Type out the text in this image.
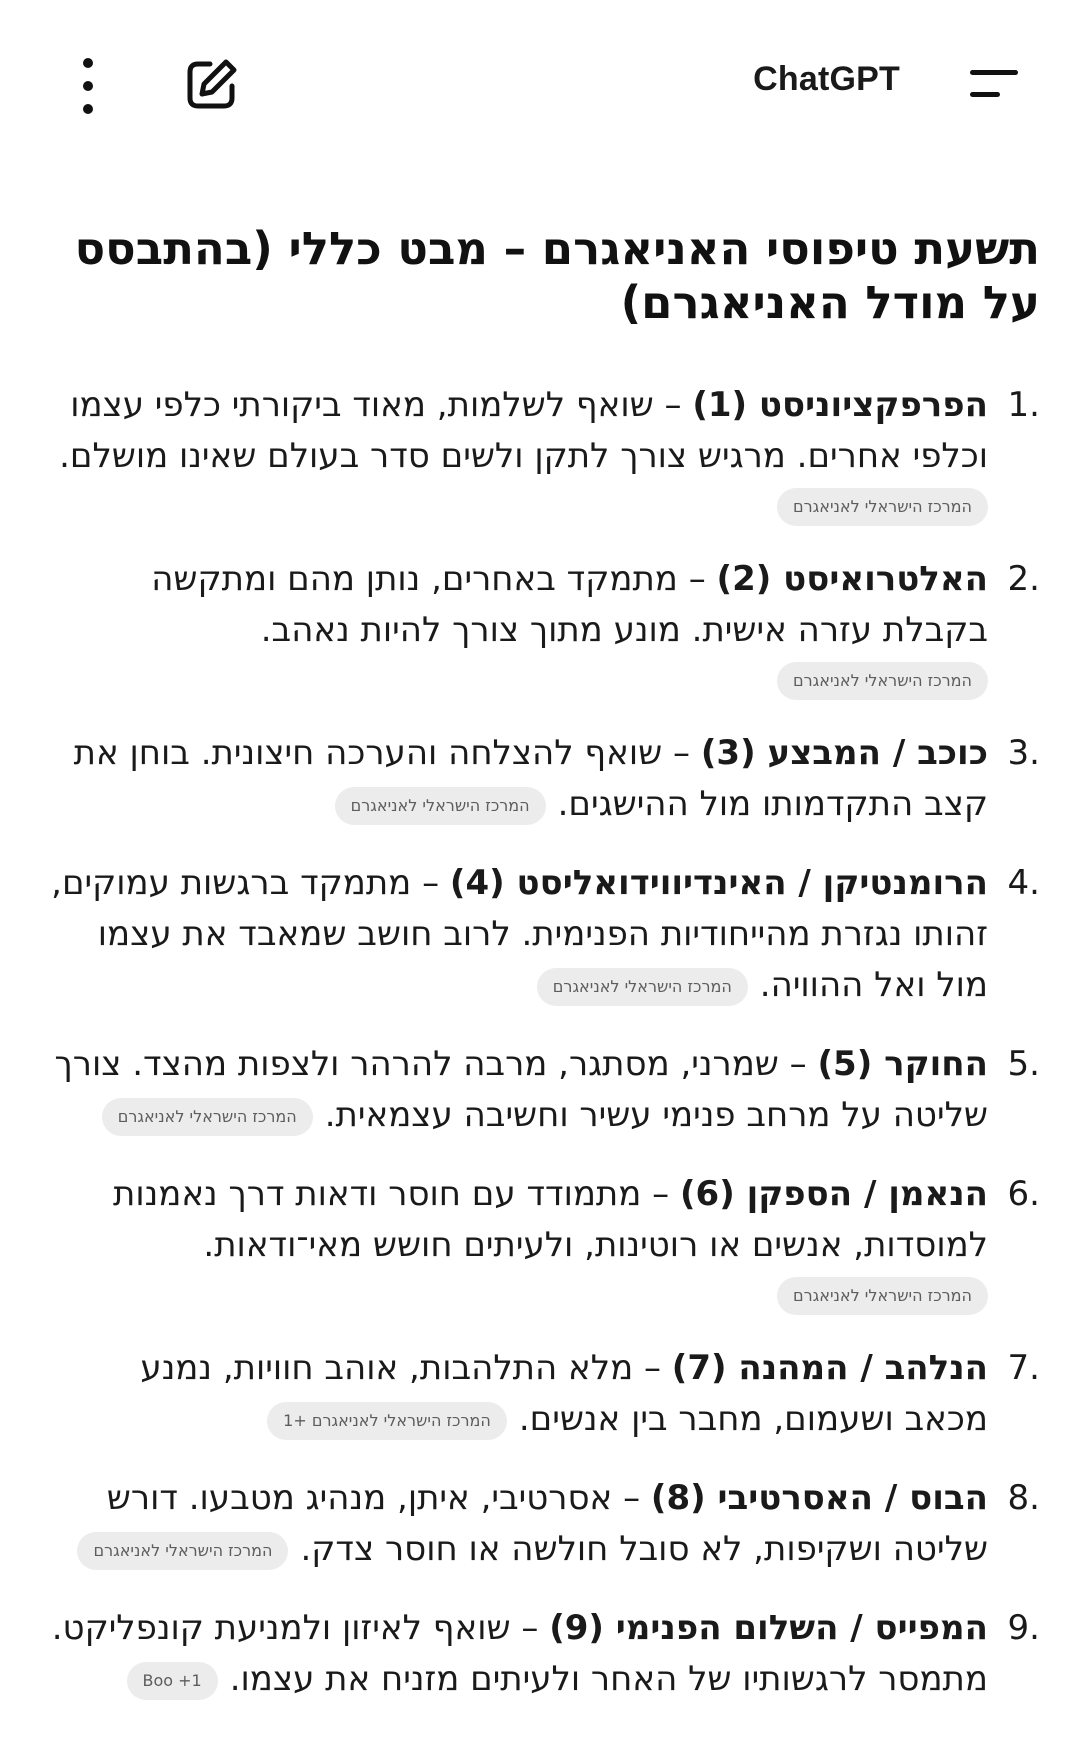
ChatGPT
תשעת טיפוסי האניאגרם – מבט כללי (בהתבסס על מודל האניאגרם)
1.
הפרפקציוניסט (1) – שואף לשלמות, מאוד ביקורתי כלפי עצמו וכלפי אחרים. מרגיש צורך לתקן ולשים סדר בעולם שאינו מושלם.
המרכז הישראלי לאניאגרם
2.
האלטרואיסט (2) – מתמקד באחרים, נותן מהם ומתקשה בקבלת עזרה אישית. מונע מתוך צורך להיות נאהב.
המרכז הישראלי לאניאגרם
3.
כוכב / המבצע (3) – שואף להצלחה והערכה חיצונית. בוחן את קצב התקדמותו מול ההישגים.המרכז הישראלי לאניאגרם
4.
הרומנטיקן / האינדיווידואליסט (4) – מתמקד ברגשות עמוקים, זהותו נגזרת מהייחודיות הפנימית. לרוב חושב שמאבד את עצמו מול ואל ההוויה.המרכז הישראלי לאניאגרם
5.
החוקר (5) – שמרני, מסתגר, מרבה להרהר ולצפות מהצד. צורך שליטה על מרחב פנימי עשיר וחשיבה עצמאית.המרכז הישראלי לאניאגרם
6.
הנאמן / הספקן (6) – מתמודד עם חוסר ודאות דרך נאמנות למוסדות, אנשים או רוטינות, ולעיתים חושש מאי־ודאות.
המרכז הישראלי לאניאגרם
7.
הנלהב / המהנה (7) – מלא התלהבות, אוהב חוויות, נמנע מכאב ושעמום, מחבר בין אנשים.המרכז הישראלי לאניאגרם +1
8.
הבוס / האסרטיבי (8) – אסרטיבי, איתן, מנהיג מטבעו. דורש שליטה ושקיפות, לא סובל חולשה או חוסר צדק.המרכז הישראלי לאניאגרם
9.
המפייס / השלום הפנימי (9) – שואף לאיזון ולמניעת קונפליקט. מתמסר לרגשותיו של האחר ולעיתים מזניח את עצמו.Boo +1
